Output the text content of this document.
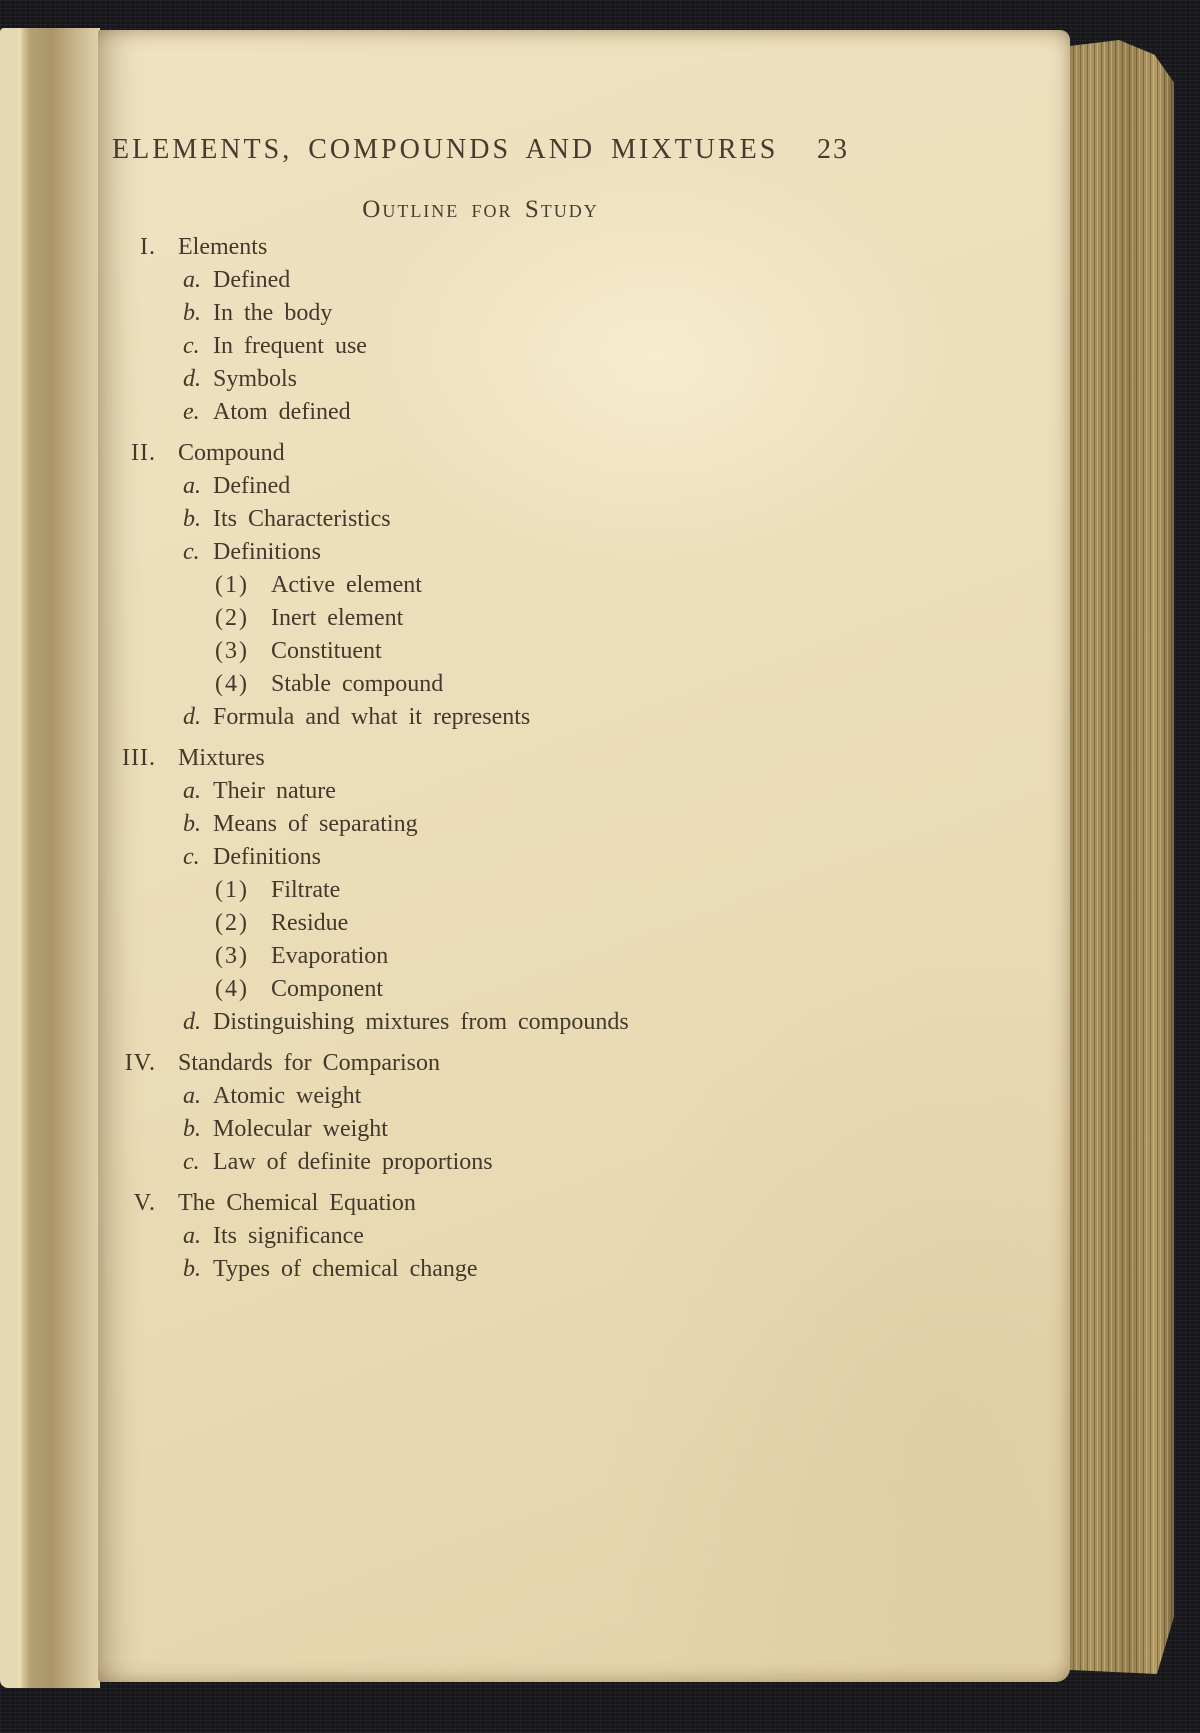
ELEMENTS, COMPOUNDS AND MIXTURES 23
Outline for Study
I. Elements
a. Defined
b. In the body
c. In frequent use
d. Symbols
e. Atom defined
II. Compound
a. Defined
b. Its Characteristics
c. Definitions
(1) Active element
(2) Inert element
(3) Constituent
(4) Stable compound
d. Formula and what it represents
III. Mixtures
a. Their nature
b. Means of separating
c. Definitions
(1) Filtrate
(2) Residue
(3) Evaporation
(4) Component
d. Distinguishing mixtures from compounds
IV. Standards for Comparison
a. Atomic weight
b. Molecular weight
c. Law of definite proportions
V. The Chemical Equation
a. Its significance
b. Types of chemical change
